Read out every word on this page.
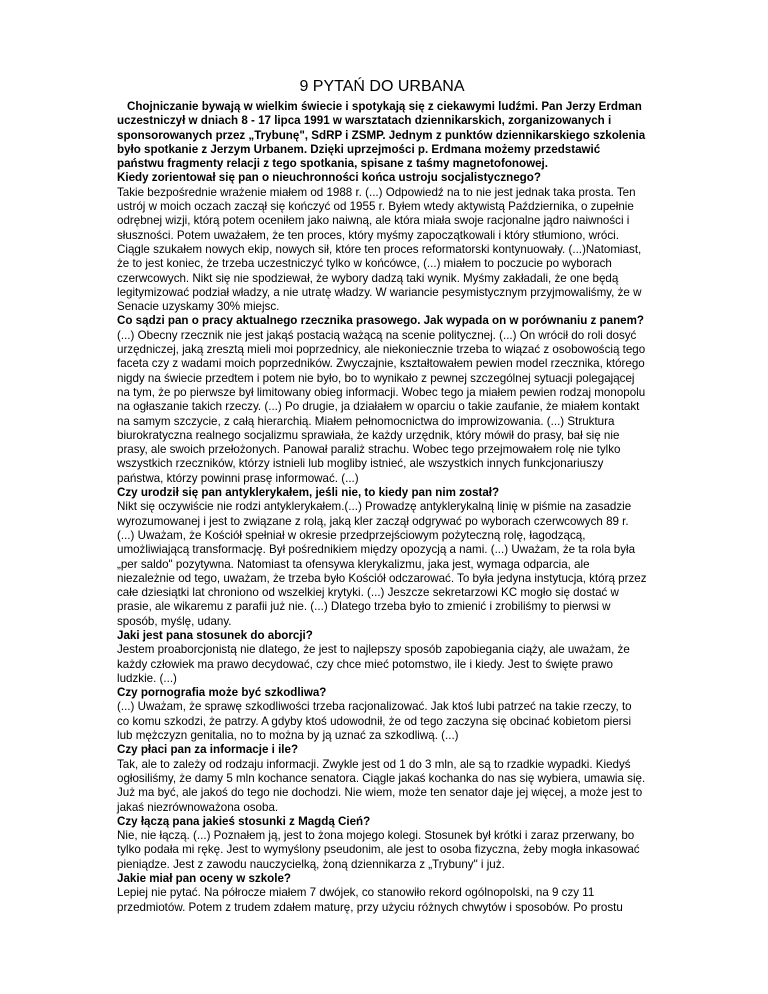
9 PYTAŃ DO URBANA

Chojniczanie bywają w wielkim świecie i spotykają się z ciekawymi ludźmi. Pan Jerzy Erdman uczestniczył w dniach 8 - 17 lipca 1991 w warsztatach dziennikarskich, zorganizowanych i sponsorowanych przez „Trybunę", SdRP i ZSMP. Jednym z punktów dziennikarskiego szkolenia było spotkanie z Jerzym Urbanem. Dzięki uprzejmości p. Erdmana możemy przedstawić państwu fragmenty relacji z tego spotkania, spisane z taśmy magnetofonowej.

Kiedy zorientował się pan o nieuchronności końca ustroju socjalistycznego?

Takie bezpośrednie wrażenie miałem od 1988 r. (...) Odpowiedź na to nie jest jednak taka prosta. Ten ustrój w moich oczach zaczął się kończyć od 1955 r. Byłem wtedy aktywistą Października, o zupełnie odrębnej wizji, którą potem oceniłem jako naiwną, ale która miała swoje racjonalne jądro naiwności i słuszności. Potem uważałem, że ten proces, który myśmy zapoczątkowali i który stłumiono, wróci. Ciągle szukałem nowych ekip, nowych sił, które ten proces reformatorski kontynuowały. (...)Natomiast, że to jest koniec, że trzeba uczestniczyć tylko w końcówce, (...) miałem to poczucie po wyborach czerwcowych. Nikt się nie spodziewał, że wybory dadzą taki wynik. Myśmy zakładali, że one będą legitymizować podział władzy, a nie utratę władzy. W wariancie pesymistycznym przyjmowaliśmy, że w Senacie uzyskamy 30% miejsc.

Co sądzi pan o pracy aktualnego rzecznika prasowego. Jak wypada on w porównaniu z panem?

(...) Obecny rzecznik nie jest jakąś postacią ważącą na scenie politycznej. (...) On wrócił do roli dosyć urzędniczej, jaką zresztą mieli moi poprzednicy, ale niekoniecznie trzeba to wiązać z osobowością tego faceta czy z wadami moich poprzedników. Zwyczajnie, kształtowałem pewien model rzecznika, którego nigdy na świecie przedtem i potem nie było, bo to wynikało z pewnej szczególnej sytuacji polegającej na tym, że po pierwsze był limitowany obieg informacji. Wobec tego ja miałem pewien rodzaj monopolu na ogłaszanie takich rzeczy. (...) Po drugie, ja działałem w oparciu o takie zaufanie, że miałem kontakt na samym szczycie, z całą hierarchią. Miałem pełnomocnictwa do improwizowania. (...) Struktura biurokratyczna realnego socjalizmu sprawiała, że każdy urzędnik, który mówił do prasy, bał się nie prasy, ale swoich przełożonych. Panował paraliż strachu. Wobec tego przejmowałem rolę nie tylko wszystkich rzeczników, którzy istnieli lub mogliby istnieć, ale wszystkich innych funkcjonariuszy państwa, którzy powinni prasę informować. (...)

Czy urodził się pan antyklerykałem, jeśli nie, to kiedy pan nim został?

Nikt się oczywiście nie rodzi antyklerykałem.(...) Prowadzę antyklerykalną linię w piśmie na zasadzie wyrozumowanej i jest to związane z rolą, jaką kler zaczął odgrywać po wyborach czerwcowych 89 r. (...) Uważam, że Kościół spełniał w okresie przedprzejściowym pożyteczną rolę, łagodzącą, umożliwiającą transformację. Był pośrednikiem między opozycją a nami. (...) Uważam, że ta rola była „per saldo" pozytywna. Natomiast ta ofensywa klerykalizmu, jaka jest, wymaga odparcia, ale niezależnie od tego, uważam, że trzeba było Kościół odczarować. To była jedyna instytucja, którą przez całe dziesiątki lat chroniono od wszelkiej krytyki. (...) Jeszcze sekretarzowi KC mogło się dostać w prasie, ale wikaremu z parafii już nie. (...) Dlatego trzeba było to zmienić i zrobiliśmy to pierwsi w sposób, myślę, udany.

Jaki jest pana stosunek do aborcji?

Jestem proaborcjonistą nie dlatego, że jest to najlepszy sposób zapobiegania ciąży, ale uważam, że każdy człowiek ma prawo decydować, czy chce mieć potomstwo, ile i kiedy. Jest to święte prawo ludzkie. (...)

Czy pornografia może być szkodliwa?

(...) Uważam, że sprawę szkodliwości trzeba racjonalizować. Jak ktoś lubi patrzeć na takie rzeczy, to co komu szkodzi, że patrzy. A gdyby ktoś udowodnił, że od tego zaczyna się obcinać kobietom piersi lub mężczyzn genitalia, no to można by ją uznać za szkodliwą. (...)

Czy płaci pan za informacje i ile?

Tak, ale to zależy od rodzaju informacji. Zwykle jest od 1 do 3 mln, ale są to rzadkie wypadki. Kiedyś ogłosiliśmy, że damy 5 mln kochance senatora. Ciągle jakaś kochanka do nas się wybiera, umawia się. Już ma być, ale jakoś do tego nie dochodzi. Nie wiem, może ten senator daje jej więcej, a może jest to jakaś niezrównoważona osoba.

Czy łączą pana jakieś stosunki z Magdą Cień?

Nie, nie łączą. (...) Poznałem ją, jest to żona mojego kolegi. Stosunek był krótki i zaraz przerwany, bo tylko podała mi rękę. Jest to wymyślony pseudonim, ale jest to osoba fizyczna, żeby mogła inkasować pieniądze. Jest z zawodu nauczycielką, żoną dziennikarza z „Trybuny" i już.

Jakie miał pan oceny w szkole?

Lepiej nie pytać. Na półrocze miałem 7 dwójek, co stanowiło rekord ogólnopolski, na 9 czy 11 przedmiotów. Potem z trudem zdałem maturę, przy użyciu różnych chwytów i sposobów. Po prostu
